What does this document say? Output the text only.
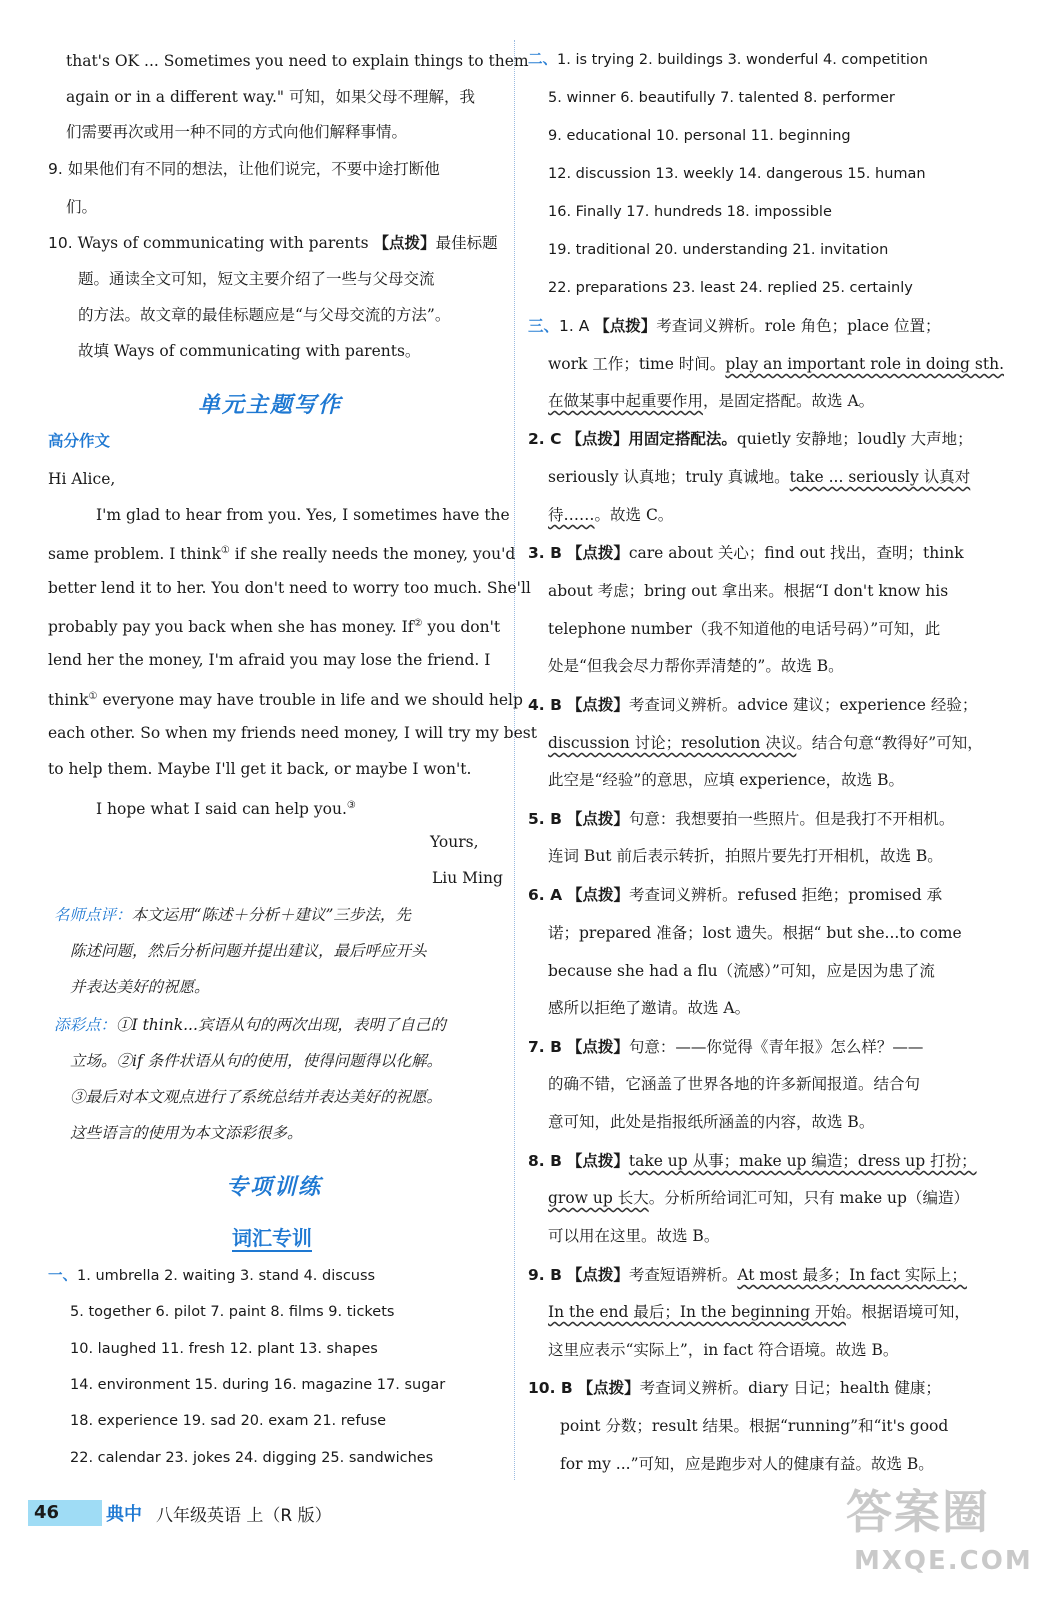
that's OK ... Sometimes you need to explain things to them
again or in a different way." 可知，如果父母不理解，我
们需要再次或用一种不同的方式向他们解释事情。
9. 如果他们有不同的想法，让他们说完，不要中途打断他
们。
10. Ways of communicating with parents 【点拨】最佳标题
题。通读全文可知，短文主要介绍了一些与父母交流
的方法。故文章的最佳标题应是“与父母交流的方法”。
故填 Ways of communicating with parents。
单元主题写作
高分作文
Hi Alice,
I'm glad to hear from you. Yes, I sometimes have the
same problem. I think① if she really needs the money, you'd
better lend it to her. You don't need to worry too much. She'll
probably pay you back when she has money. If② you don't
lend her the money, I'm afraid you may lose the friend. I
think① everyone may have trouble in life and we should help
each other. So when my friends need money, I will try my best
to help them. Maybe I'll get it back, or maybe I won't.
I hope what I said can help you.③
Yours,
Liu Ming
名师点评：本文运用“陈述＋分析＋建议”三步法，先
陈述问题，然后分析问题并提出建议，最后呼应开头
并表达美好的祝愿。
添彩点：①I think...宾语从句的两次出现，表明了自己的
立场。②if 条件状语从句的使用，使得问题得以化解。
③最后对本文观点进行了系统总结并表达美好的祝愿。
这些语言的使用为本文添彩很多。
专项训练
词汇专训
一、1. umbrella 2. waiting 3. stand 4. discuss
5. together 6. pilot 7. paint 8. films 9. tickets
10. laughed 11. fresh 12. plant 13. shapes
14. environment 15. during 16. magazine 17. sugar
18. experience 19. sad 20. exam 21. refuse
22. calendar 23. jokes 24. digging 25. sandwiches
二、1. is trying 2. buildings 3. wonderful 4. competition
5. winner 6. beautifully 7. talented 8. performer
9. educational 10. personal 11. beginning
12. discussion 13. weekly 14. dangerous 15. human
16. Finally 17. hundreds 18. impossible
19. traditional 20. understanding 21. invitation
22. preparations 23. least 24. replied 25. certainly
三、1. A 【点拨】考查词义辨析。role 角色；place 位置；
work 工作；time 时间。play an important role in doing sth.
在做某事中起重要作用，是固定搭配。故选 A。
2. C 【点拨】用固定搭配法。quietly 安静地；loudly 大声地；
seriously 认真地；truly 真诚地。take ... seriously 认真对
待……。故选 C。
3. B 【点拨】care about 关心；find out 找出，查明；think
about 考虑；bring out 拿出来。根据“I don't know his
telephone number（我不知道他的电话号码）”可知，此
处是“但我会尽力帮你弄清楚的”。故选 B。
4. B 【点拨】考查词义辨析。advice 建议；experience 经验；
discussion 讨论；resolution 决议。结合句意“教得好”可知，
此空是“经验”的意思，应填 experience，故选 B。
5. B 【点拨】句意：我想要拍一些照片。但是我打不开相机。
连词 But 前后表示转折，拍照片要先打开相机，故选 B。
6. A 【点拨】考查词义辨析。refused 拒绝；promised 承
诺；prepared 准备；lost 遗失。根据“ but she...to come
because she had a flu（流感）”可知，应是因为患了流
感所以拒绝了邀请。故选 A。
7. B 【点拨】句意：——你觉得《青年报》怎么样？——
的确不错，它涵盖了世界各地的许多新闻报道。结合句
意可知，此处是指报纸所涵盖的内容，故选 B。
8. B 【点拨】take up 从事；make up 编造；dress up 打扮；
grow up 长大。分析所给词汇可知，只有 make up（编造）
可以用在这里。故选 B。
9. B 【点拨】考查短语辨析。At most 最多；In fact 实际上；
In the end 最后；In the beginning 开始。根据语境可知，
这里应表示“实际上”，in fact 符合语境。故选 B。
10. B 【点拨】考查词义辨析。diary 日记；health 健康；
point 分数；result 结果。根据“running”和“it's good
for my ...”可知，应是跑步对人的健康有益。故选 B。
46	典中 八年级英语 上（R 版）	答案圈
MXQE.COM
